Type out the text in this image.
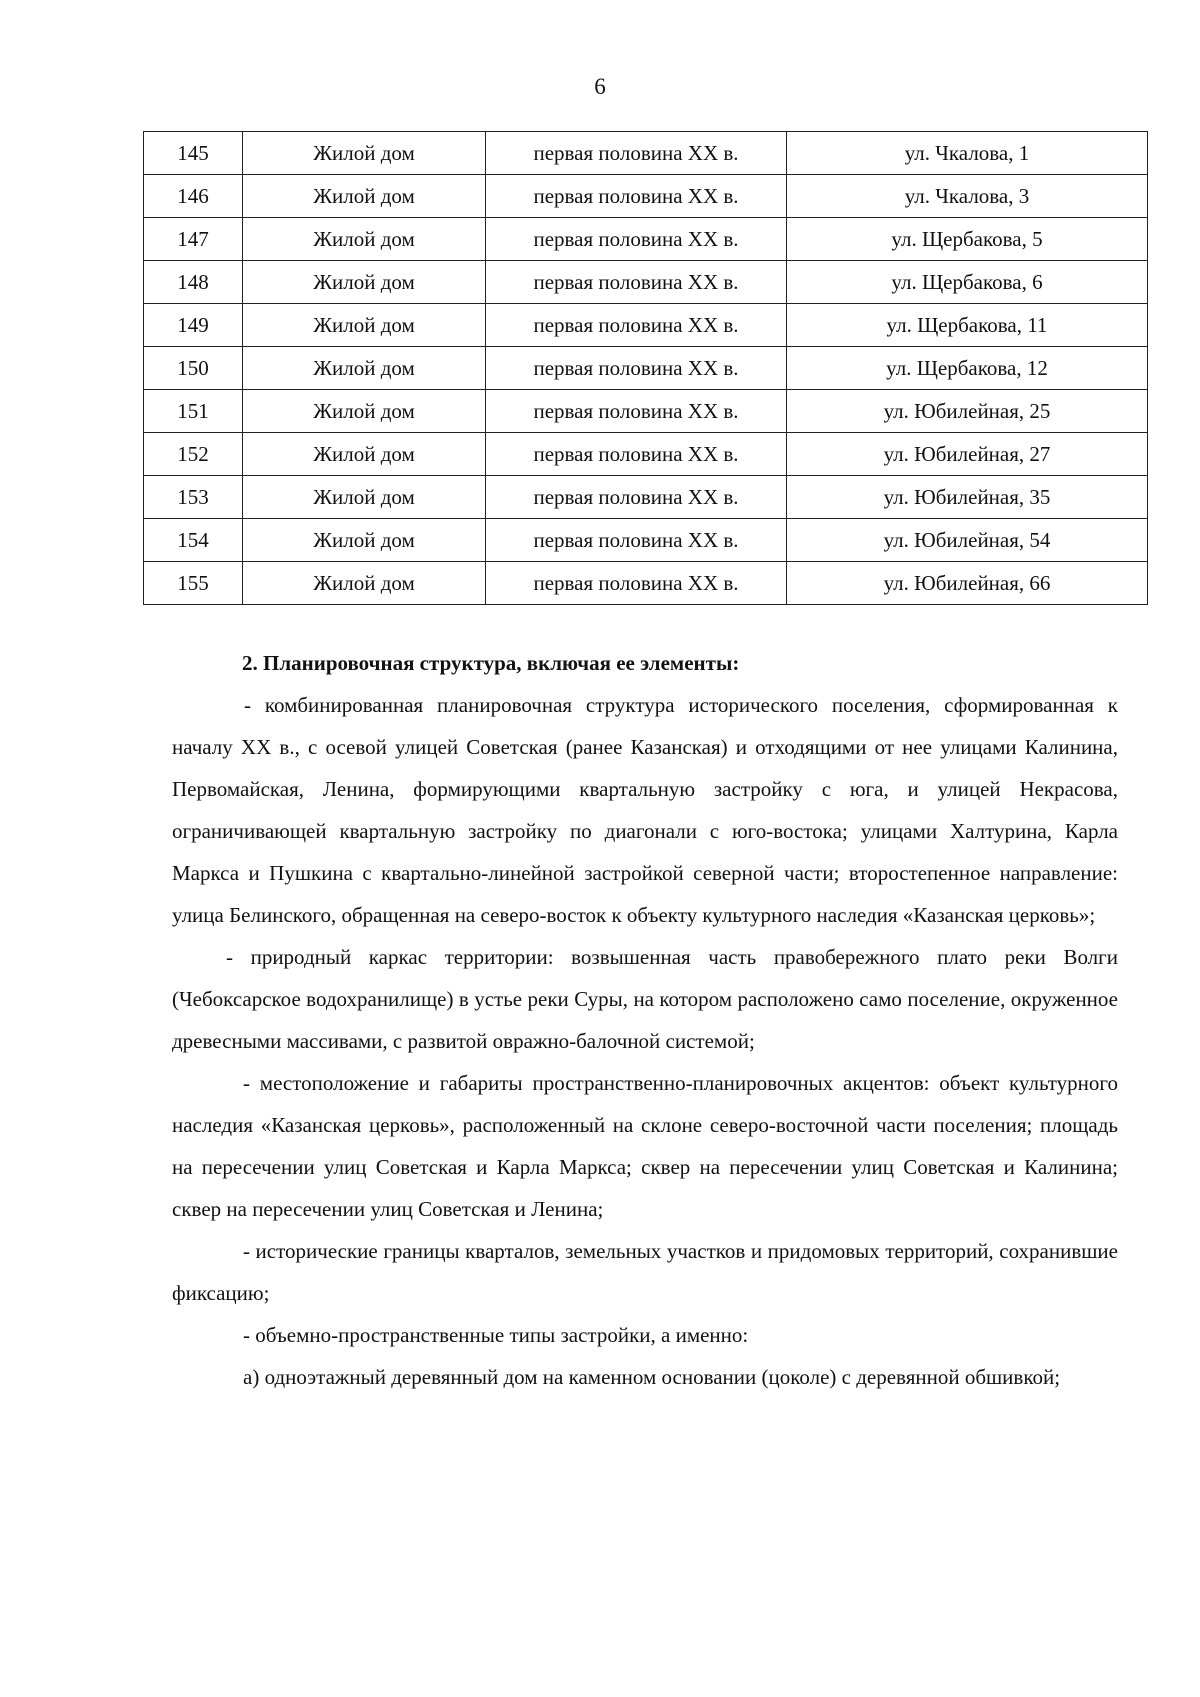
6
145	Жилой дом	первая половина XX в.	ул. Чкалова, 1
146	Жилой дом	первая половина XX в.	ул. Чкалова, 3
147	Жилой дом	первая половина XX в.	ул. Щербакова, 5
148	Жилой дом	первая половина XX в.	ул. Щербакова, 6
149	Жилой дом	первая половина XX в.	ул. Щербакова, 11
150	Жилой дом	первая половина XX в.	ул. Щербакова, 12
151	Жилой дом	первая половина XX в.	ул. Юбилейная, 25
152	Жилой дом	первая половина XX в.	ул. Юбилейная, 27
153	Жилой дом	первая половина XX в.	ул. Юбилейная, 35
154	Жилой дом	первая половина XX в.	ул. Юбилейная, 54
155	Жилой дом	первая половина XX в.	ул. Юбилейная, 66

2. Планировочная структура, включая ее элементы:

- комбинированная планировочная структура исторического поселения, сформированная к началу XX в., с осевой улицей Советская (ранее Казанская) и отходящими от нее улицами Калинина, Первомайская, Ленина, формирующими квартальную застройку с юга, и улицей Некрасова, ограничивающей квартальную застройку по диагонали с юго-востока; улицами Халтурина, Карла Маркса и Пушкина с квартально-линейной застройкой северной части; второстепенное направление: улица Белинского, обращенная на северо-восток к объекту культурного наследия «Казанская церковь»;

- природный каркас территории: возвышенная часть правобережного плато реки Волги (Чебоксарское водохранилище) в устье реки Суры, на котором расположено само поселение, окруженное древесными массивами, с развитой овражно-балочной системой;

- местоположение и габариты пространственно-планировочных акцентов: объект культурного наследия «Казанская церковь», расположенный на склоне северо-восточной части поселения; площадь на пересечении улиц Советская и Карла Маркса; сквер на пересечении улиц Советская и Калинина; сквер на пересечении улиц Советская и Ленина;

- исторические границы кварталов, земельных участков и придомовых территорий, сохранившие фиксацию;

- объемно-пространственные типы застройки, а именно:

а) одноэтажный деревянный дом на каменном основании (цоколе) с деревянной обшивкой;
